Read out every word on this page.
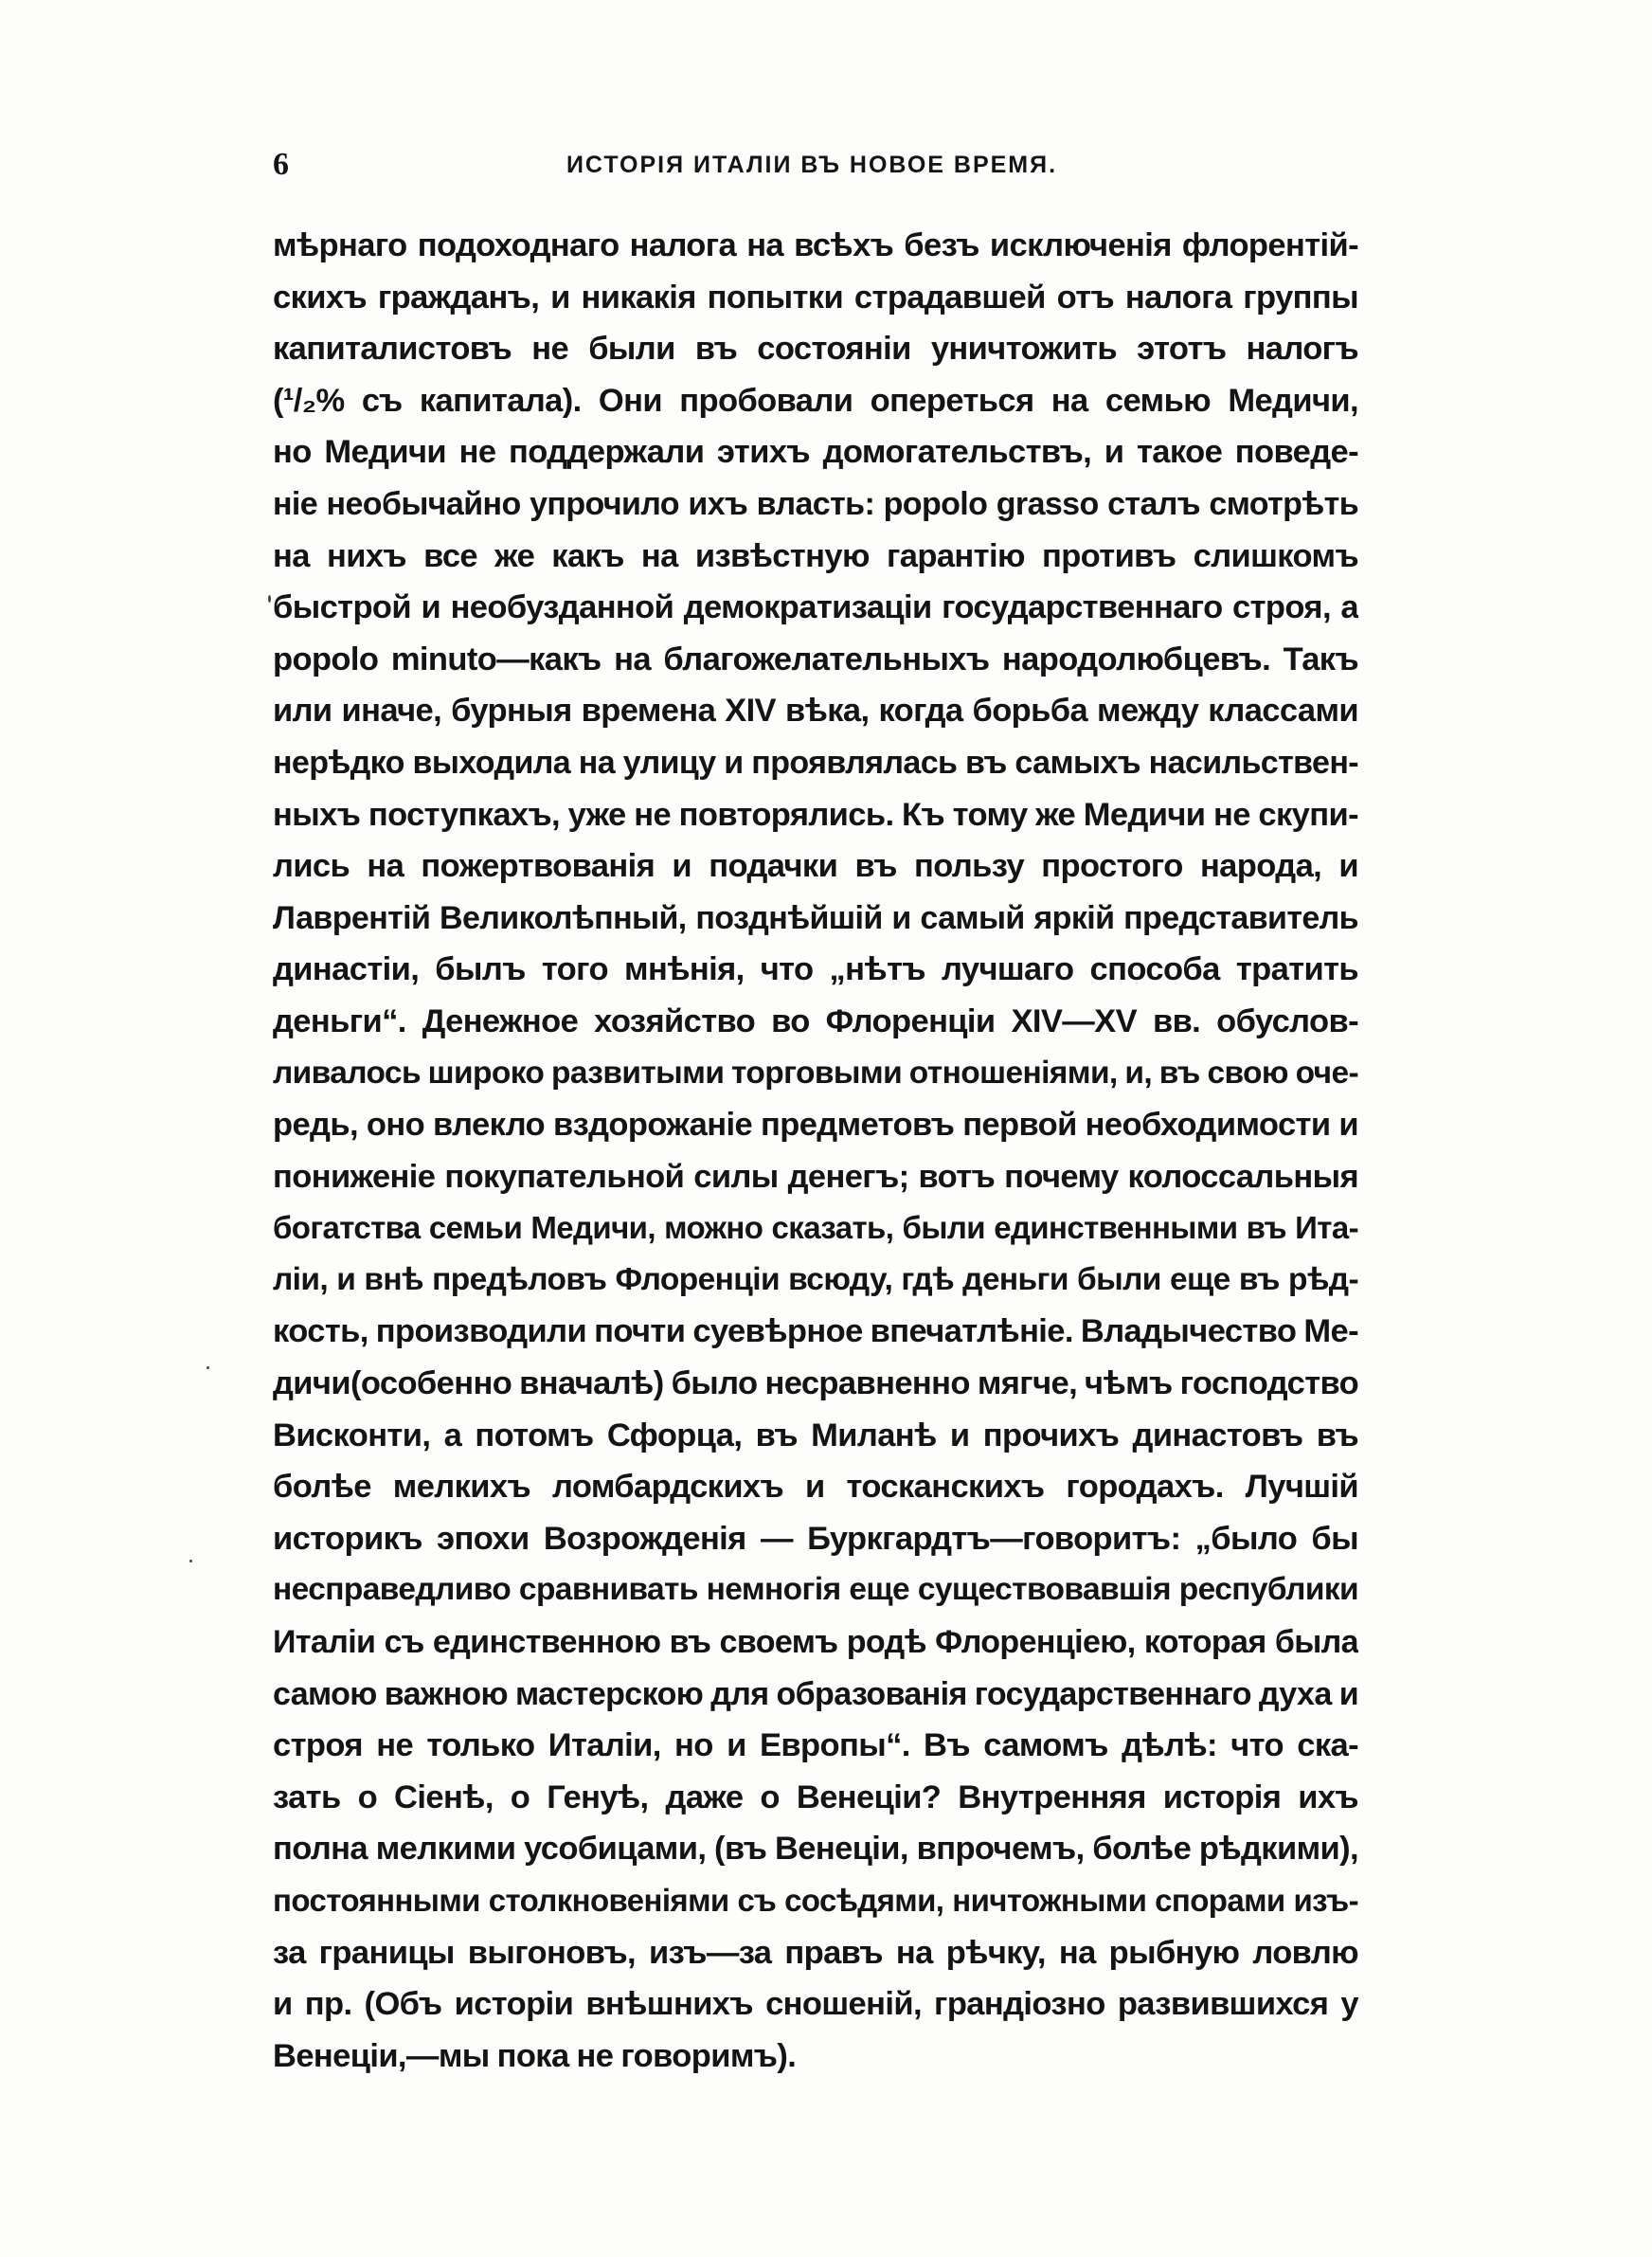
6	ИСТОРІЯ ИТАЛІИ ВЪ НОВОЕ ВРЕМЯ.
мѣрнаго подоходнаго налога на всѣхъ безъ исключенія флорентій-
скихъ гражданъ, и никакія попытки страдавшей отъ налога группы
капиталистовъ не были въ состояніи уничтожить этотъ налогъ
(¹/₂% съ капитала). Они пробовали опереться на семью Медичи,
но Медичи не поддержали этихъ домогательствъ, и такое поведе-
ніе необычайно упрочило ихъ власть: popolo grasso сталъ смотрѣть
на нихъ все же какъ на извѣстную гарантію противъ слишкомъ
быстрой и необузданной демократизаціи государственнаго строя, а
popolo minuto—какъ на благожелательныхъ народолюбцевъ. Такъ
или иначе, бурныя времена XIV вѣка, когда борьба между классами
нерѣдко выходила на улицу и проявлялась въ самыхъ насильствен-
ныхъ поступкахъ, уже не повторялись. Къ тому же Медичи не скупи-
лись на пожертвованія и подачки въ пользу простого народа, и
Лаврентій Великолѣпный, позднѣйшій и самый яркій представитель
династіи, былъ того мнѣнія, что „нѣтъ лучшаго способа тратить
деньги“. Денежное хозяйство во Флоренціи XIV—XV вв. обуслов-
ливалось широко развитыми торговыми отношеніями, и, въ свою оче-
редь, оно влекло вздорожаніе предметовъ первой необходимости и
пониженіе покупательной силы денегъ; вотъ почему колоссальныя
богатства семьи Медичи, можно сказать, были единственными въ Ита-
ліи, и внѣ предѣловъ Флоренціи всюду, гдѣ деньги были еще въ рѣд-
кость, производили почти суевѣрное впечатлѣніе. Владычество Ме-
дичи(особенно вначалѣ) было несравненно мягче, чѣмъ господство
Висконти, а потомъ Сфорца, въ Миланѣ и прочихъ династовъ въ
болѣе мелкихъ ломбардскихъ и тосканскихъ городахъ. Лучшій
историкъ эпохи Возрожденія — Буркгардтъ—говоритъ: „было бы
несправедливо сравнивать немногія еще существовавшія республики
Италіи съ единственною въ своемъ родѣ Флоренціею, которая была
самою важною мастерскою для образованія государственнаго духа и
строя не только Италіи, но и Европы“. Въ самомъ дѣлѣ: что ска-
зать о Сіенѣ, о Генуѣ, даже о Венеціи? Внутренняя исторія ихъ
полна мелкими усобицами, (въ Венеціи, впрочемъ, болѣе рѣдкими),
постоянными столкновеніями съ сосѣдями, ничтожными спорами изъ-
за границы выгоновъ, изъ—за правъ на рѣчку, на рыбную ловлю
и пр. (Объ исторіи внѣшнихъ сношеній, грандіозно развившихся у
Венеціи,—мы пока не говоримъ).
